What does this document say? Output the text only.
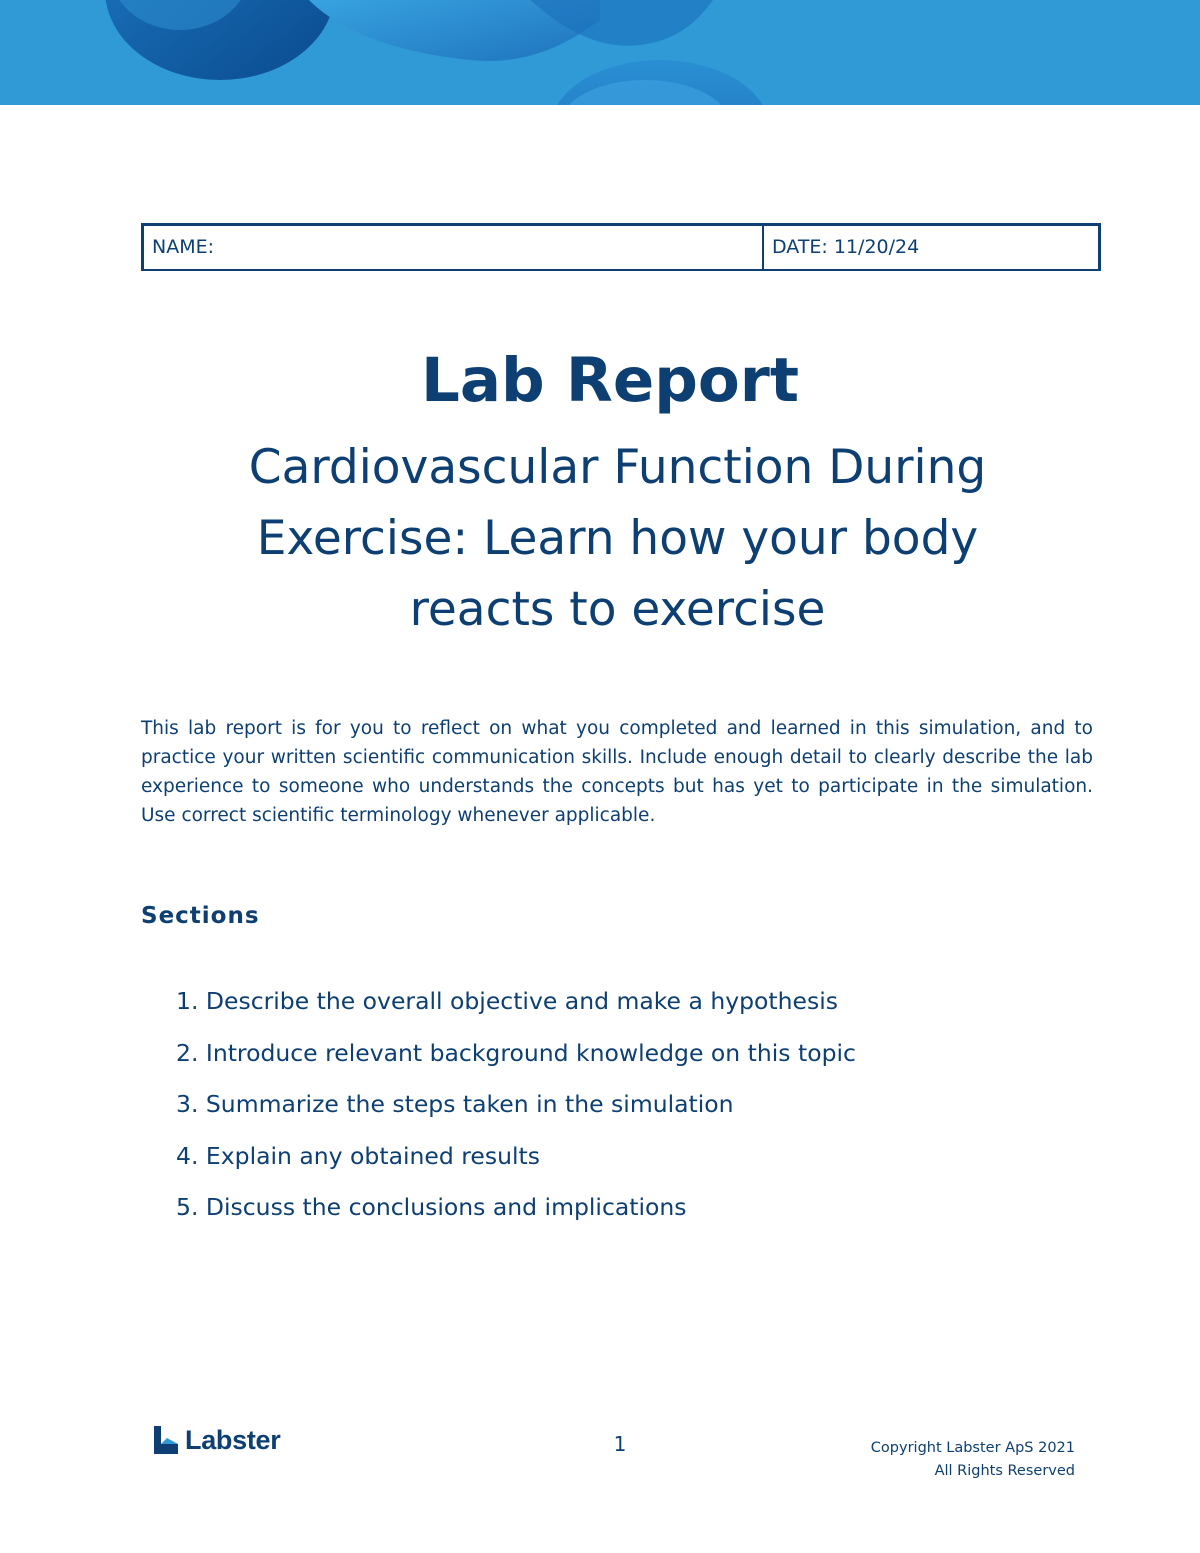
NAME:	DATE: 11/20/24
Lab Report
Cardiovascular Function During Exercise: Learn how your body reacts to exercise

This lab report is for you to reflect on what you completed and learned in this simulation, and to practice your written scientific communication skills. Include enough detail to clearly describe the lab experience to someone who understands the concepts but has yet to participate in the simulation. Use correct scientific terminology whenever applicable.

Sections
1. Describe the overall objective and make a hypothesis
2. Introduce relevant background knowledge on this topic
3. Summarize the steps taken in the simulation
4. Explain any obtained results
5. Discuss the conclusions and implications
Labster	1	Copyright Labster ApS 2021
All Rights Reserved
